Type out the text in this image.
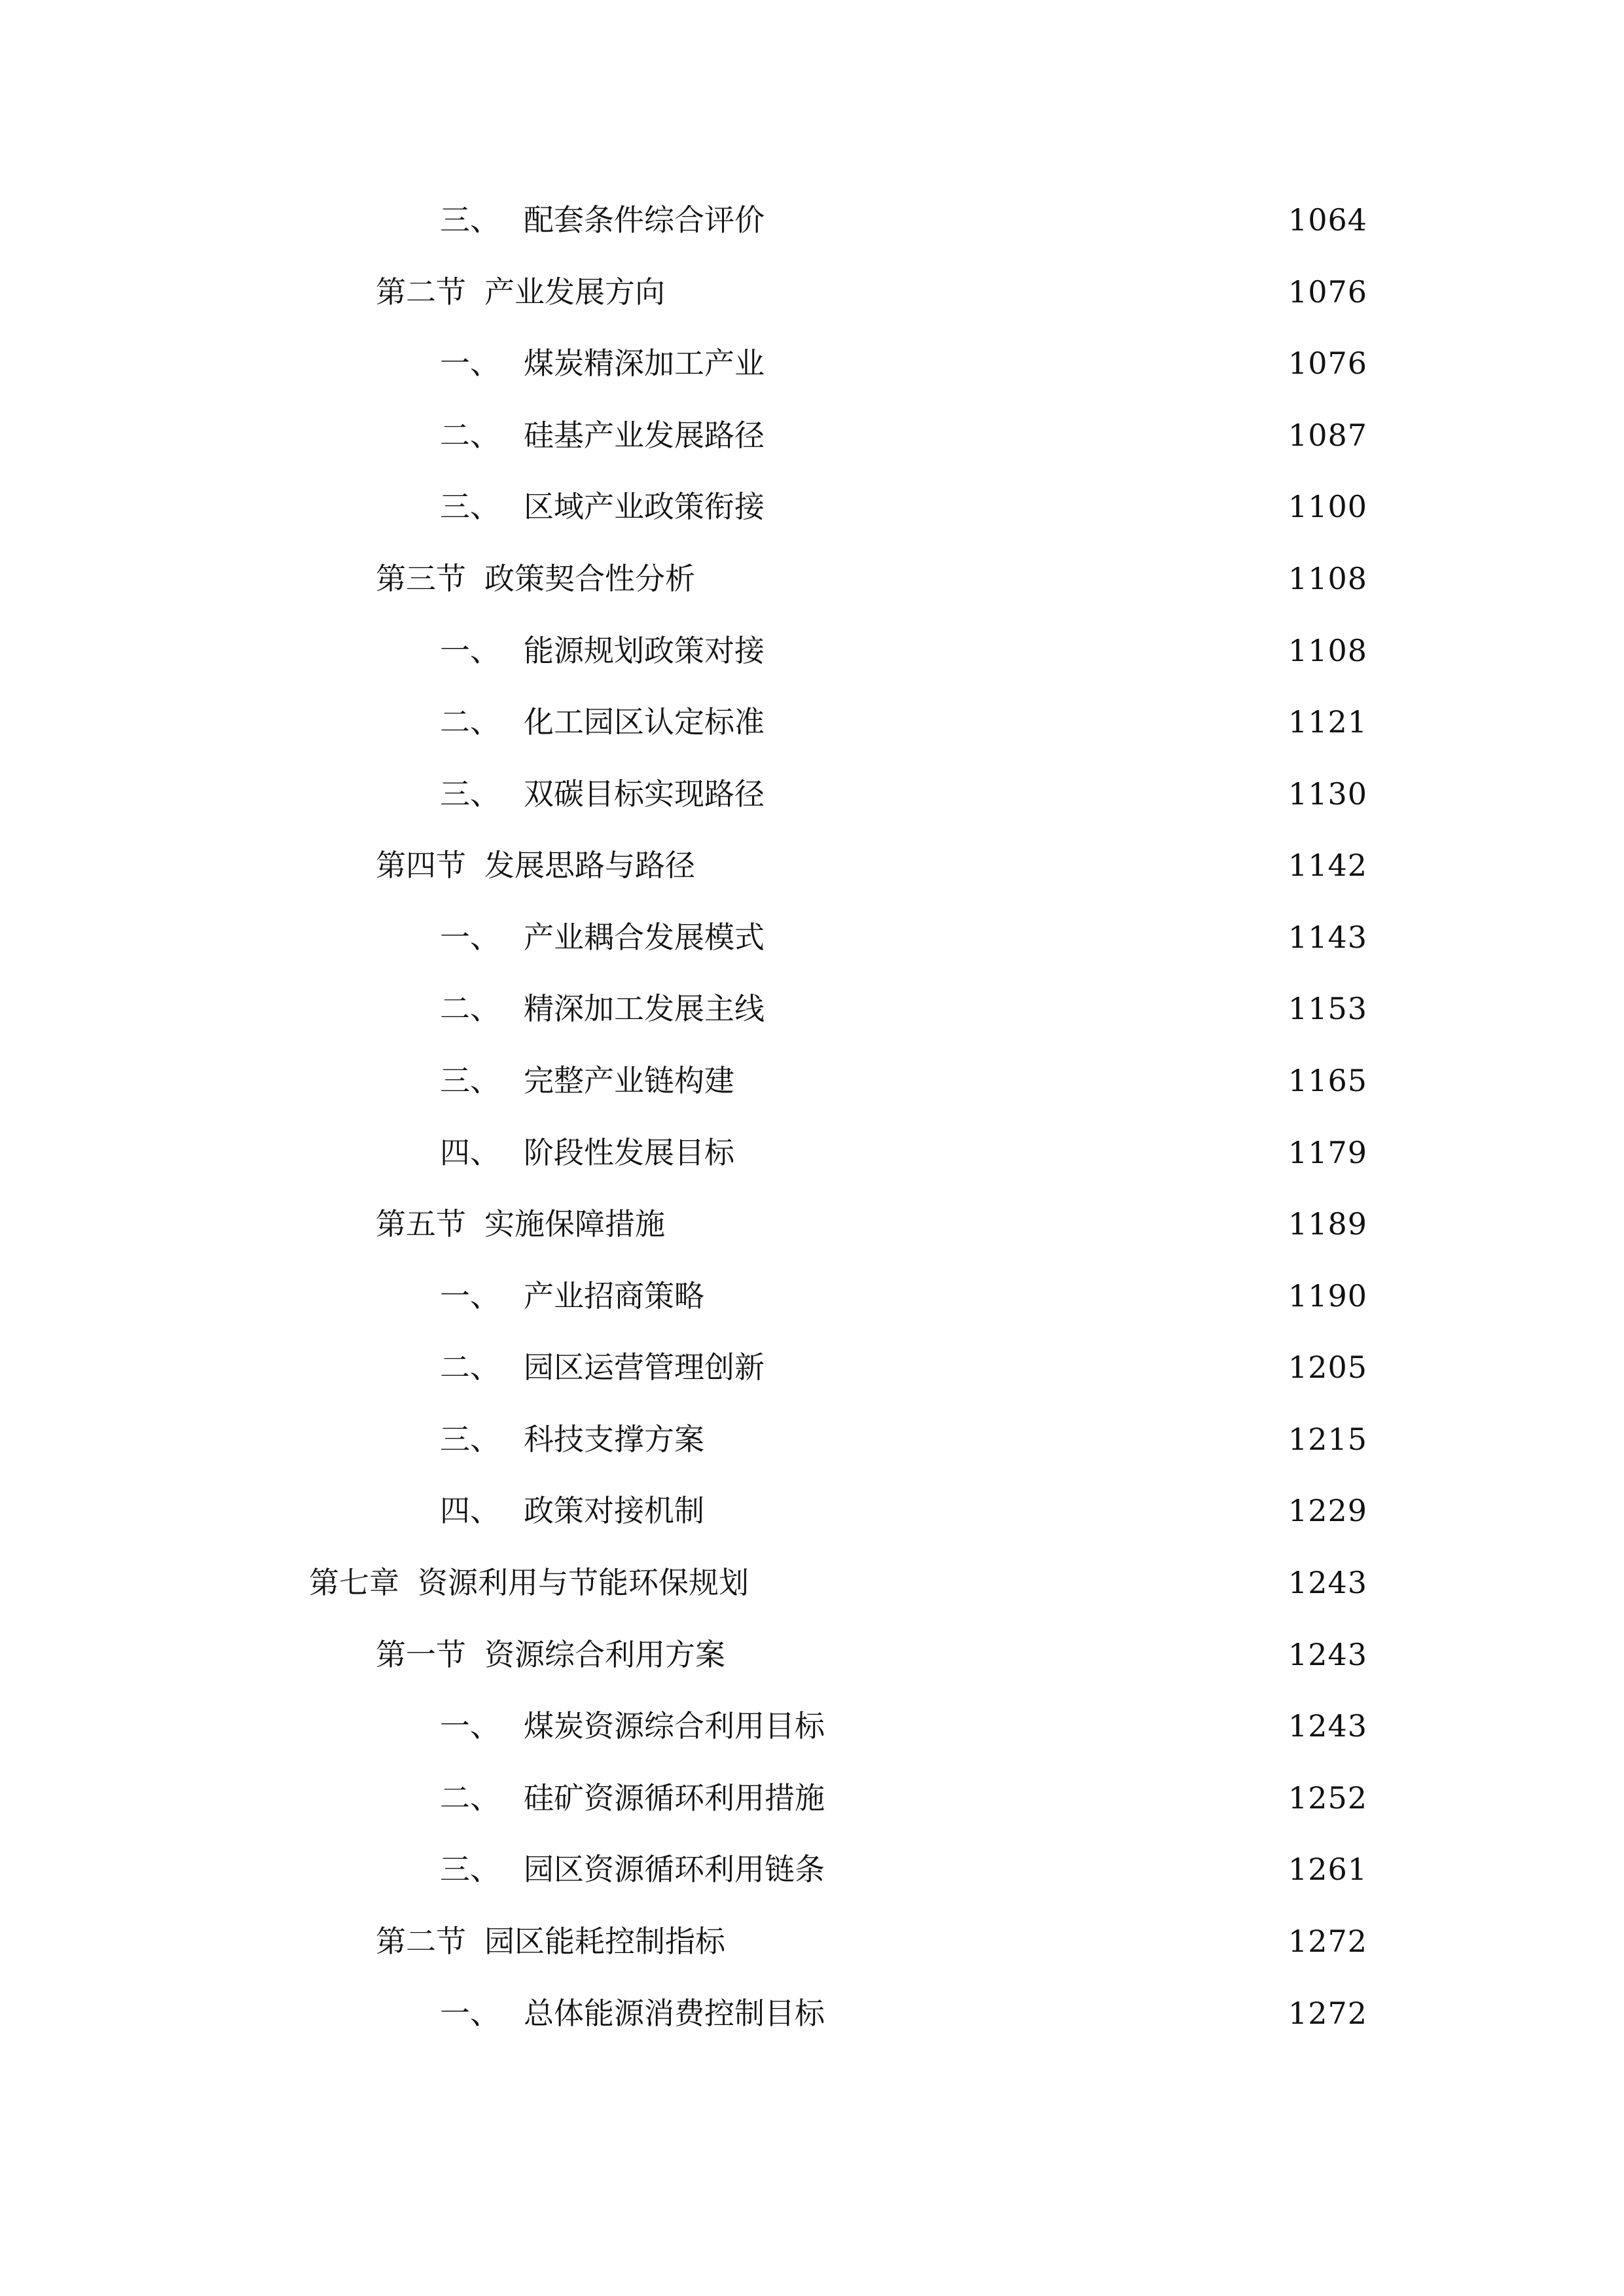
三、 配套条件综合评价	1064
第二节 产业发展方向	1076
一、 煤炭精深加工产业	1076
二、 硅基产业发展路径	1087
三、 区域产业政策衔接	1100
第三节 政策契合性分析	1108
一、 能源规划政策对接	1108
二、 化工园区认定标准	1121
三、 双碳目标实现路径	1130
第四节 发展思路与路径	1142
一、 产业耦合发展模式	1143
二、 精深加工发展主线	1153
三、 完整产业链构建	1165
四、 阶段性发展目标	1179
第五节 实施保障措施	1189
一、 产业招商策略	1190
二、 园区运营管理创新	1205
三、 科技支撑方案	1215
四、 政策对接机制	1229
第七章 资源利用与节能环保规划	1243
第一节 资源综合利用方案	1243
一、 煤炭资源综合利用目标	1243
二、 硅矿资源循环利用措施	1252
三、 园区资源循环利用链条	1261
第二节 园区能耗控制指标	1272
一、 总体能源消费控制目标	1272
